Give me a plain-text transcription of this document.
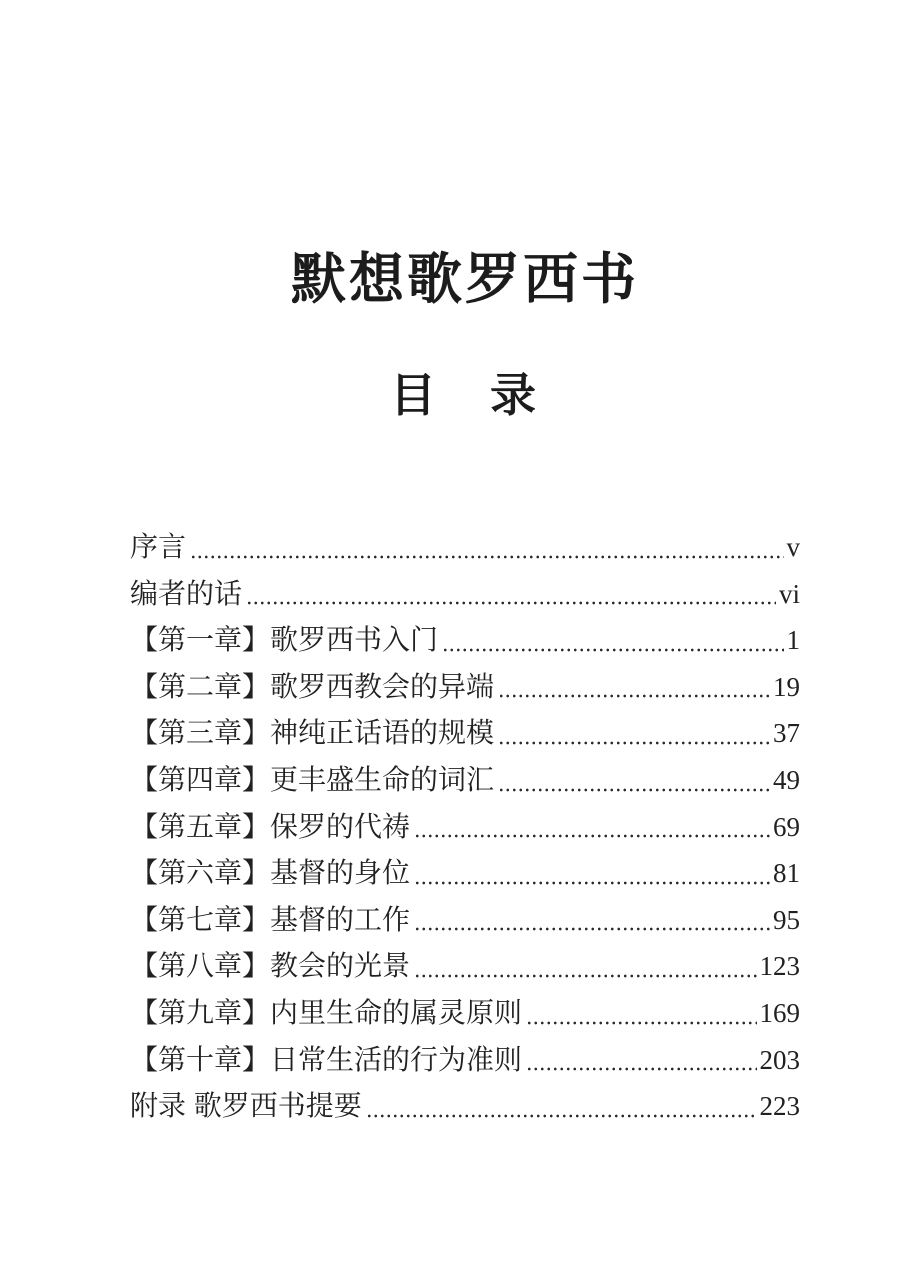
默想歌罗西书
目　录
序言	v
编者的话	vi
【第一章】歌罗西书入门	1
【第二章】歌罗西教会的异端	19
【第三章】神纯正话语的规模	37
【第四章】更丰盛生命的词汇	49
【第五章】保罗的代祷	69
【第六章】基督的身位	81
【第七章】基督的工作	95
【第八章】教会的光景	123
【第九章】内里生命的属灵原则	169
【第十章】日常生活的行为准则	203
附录 歌罗西书提要	223
